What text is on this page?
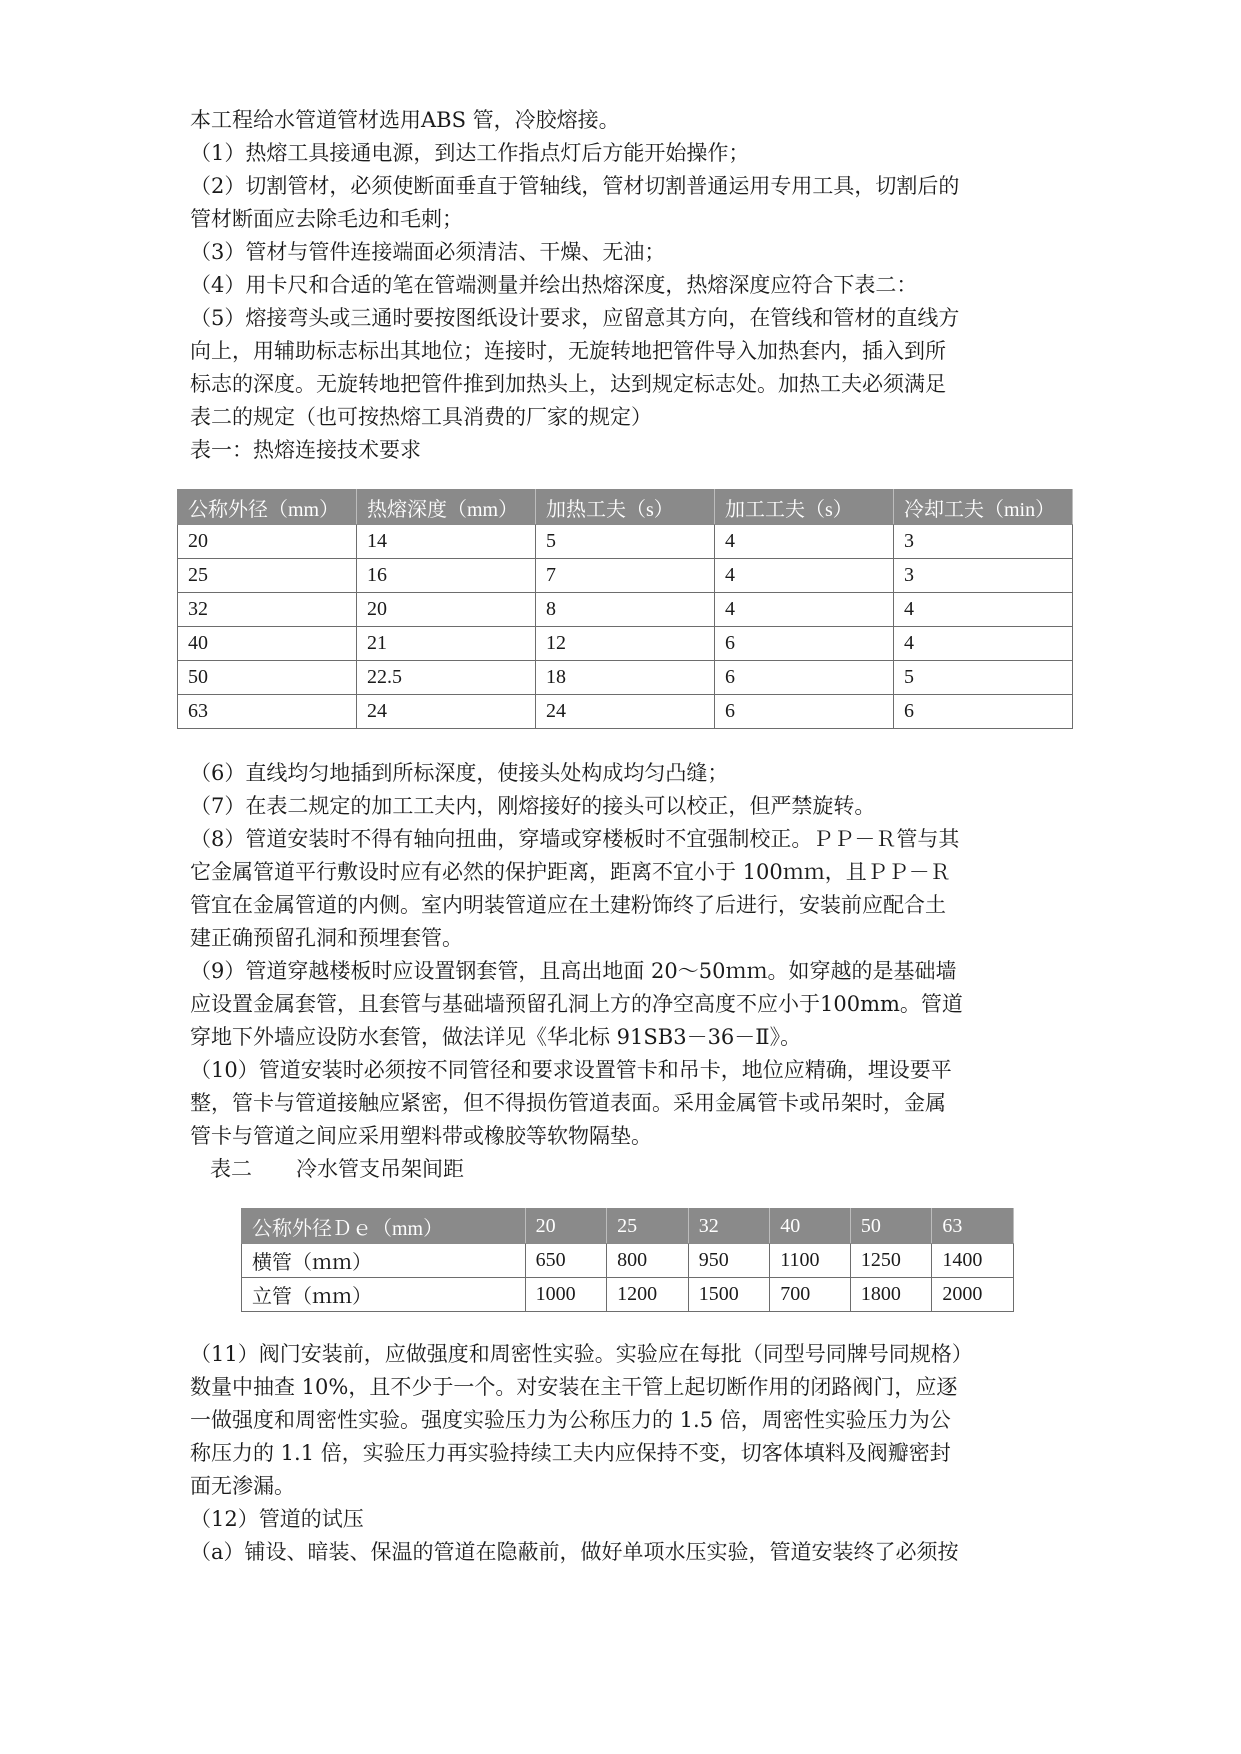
本工程给水管道管材选用ABS 管，冷胶熔接。
（1）热熔工具接通电源，到达工作指点灯后方能开始操作；
（2）切割管材，必须使断面垂直于管轴线，管材切割普通运用专用工具，切割后的
管材断面应去除毛边和毛刺；
（3）管材与管件连接端面必须清洁、干燥、无油；
（4）用卡尺和合适的笔在管端测量并绘出热熔深度，热熔深度应符合下表二：
（5）熔接弯头或三通时要按图纸设计要求，应留意其方向，在管线和管材的直线方
向上，用辅助标志标出其地位；连接时，无旋转地把管件导入加热套内，插入到所
标志的深度。无旋转地把管件推到加热头上，达到规定标志处。加热工夫必须满足
表二的规定（也可按热熔工具消费的厂家的规定）

表一：热熔连接技术要求

公称外径（mm）	热熔深度（mm）	加热工夫（s）	加工工夫（s）	冷却工夫（min）
20	14	5	4	3
25	16	7	4	3
32	20	8	4	4
40	21	12	6	4
50	22.5	18	6	5
63	24	24	6	6

（6）直线均匀地插到所标深度，使接头处构成均匀凸缝；
（7）在表二规定的加工工夫内，刚熔接好的接头可以校正，但严禁旋转。
（8）管道安装时不得有轴向扭曲，穿墙或穿楼板时不宜强制校正。ＰＰ－Ｒ管与其
它金属管道平行敷设时应有必然的保护距离，距离不宜小于 100ｍｍ，且ＰＰ－Ｒ
管宜在金属管道的内侧。室内明装管道应在土建粉饰终了后进行，安装前应配合土
建正确预留孔洞和预埋套管。
（9）管道穿越楼板时应设置钢套管，且高出地面 20～50ｍｍ。如穿越的是基础墙
应设置金属套管，且套管与基础墙预留孔洞上方的净空高度不应小于100mm。管道
穿地下外墙应设防水套管，做法详见《华北标 91SB3－36－Ⅱ》。
（10）管道安装时必须按不同管径和要求设置管卡和吊卡，地位应精确，埋设要平
整，管卡与管道接触应紧密，但不得损伤管道表面。采用金属管卡或吊架时，金属
管卡与管道之间应采用塑料带或橡胶等软物隔垫。

表二 冷水管支吊架间距

公称外径Ｄｅ（mm）	20	25	32	40	50	63
横管（ｍｍ）	650	800	950	1100	1250	1400
立管（ｍｍ）	1000	1200	1500	700	1800	2000

（11）阀门安装前，应做强度和周密性实验。实验应在每批（同型号同牌号同规格）
数量中抽查 10%，且不少于一个。对安装在主干管上起切断作用的闭路阀门，应逐
一做强度和周密性实验。强度实验压力为公称压力的 1.5 倍，周密性实验压力为公
称压力的 1.1 倍，实验压力再实验持续工夫内应保持不变，切客体填料及阀瓣密封
面无渗漏。
（12）管道的试压
（a）铺设、暗装、保温的管道在隐蔽前，做好单项水压实验，管道安装终了必须按
